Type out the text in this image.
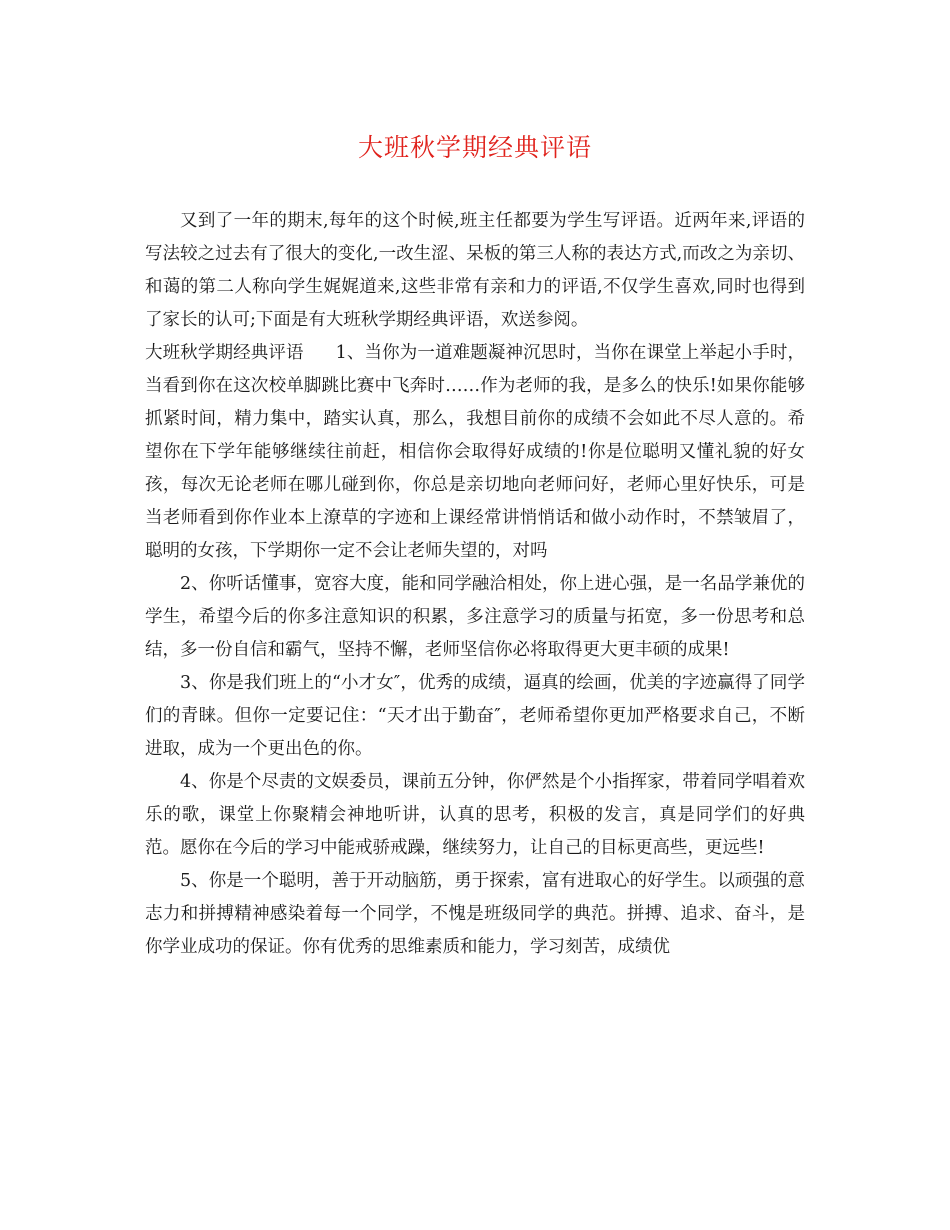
大班秋学期经典评语

又到了一年的期末,每年的这个时候,班主任都要为学生写评语。近两年来,评语的写法较之过去有了很大的变化,一改生涩、呆板的第三人称的表达方式,而改之为亲切、和蔼的第二人称向学生娓娓道来,这些非常有亲和力的评语,不仅学生喜欢,同时也得到了家长的认可;下面是有大班秋学期经典评语，欢送参阅。

大班秋学期经典评语 1、当你为一道难题凝神沉思时，当你在课堂上举起小手时，当看到你在这次校单脚跳比赛中飞奔时……作为老师的我，是多么的快乐!如果你能够抓紧时间，精力集中，踏实认真，那么，我想目前你的成绩不会如此不尽人意的。希望你在下学年能够继续往前赶，相信你会取得好成绩的!你是位聪明又懂礼貌的好女孩，每次无论老师在哪儿碰到你，你总是亲切地向老师问好，老师心里好快乐，可是当老师看到你作业本上潦草的字迹和上课经常讲悄悄话和做小动作时，不禁皱眉了，聪明的女孩，下学期你一定不会让老师失望的，对吗

2、你听话懂事，宽容大度，能和同学融洽相处，你上进心强，是一名品学兼优的学生，希望今后的你多注意知识的积累，多注意学习的质量与拓宽，多一份思考和总结，多一份自信和霸气，坚持不懈，老师坚信你必将取得更大更丰硕的成果!

3、你是我们班上的“小才女″，优秀的成绩，逼真的绘画，优美的字迹赢得了同学们的青睐。但你一定要记住：“天才出于勤奋″，老师希望你更加严格要求自己，不断进取，成为一个更出色的你。

4、你是个尽责的文娱委员，课前五分钟，你俨然是个小指挥家，带着同学唱着欢乐的歌，课堂上你聚精会神地听讲，认真的思考，积极的发言，真是同学们的好典范。愿你在今后的学习中能戒骄戒躁，继续努力，让自己的目标更高些，更远些!

5、你是一个聪明，善于开动脑筋，勇于探索，富有进取心的好学生。以顽强的意志力和拼搏精神感染着每一个同学，不愧是班级同学的典范。拼搏、追求、奋斗，是你学业成功的保证。你有优秀的思维素质和能力，学习刻苦，成绩优
